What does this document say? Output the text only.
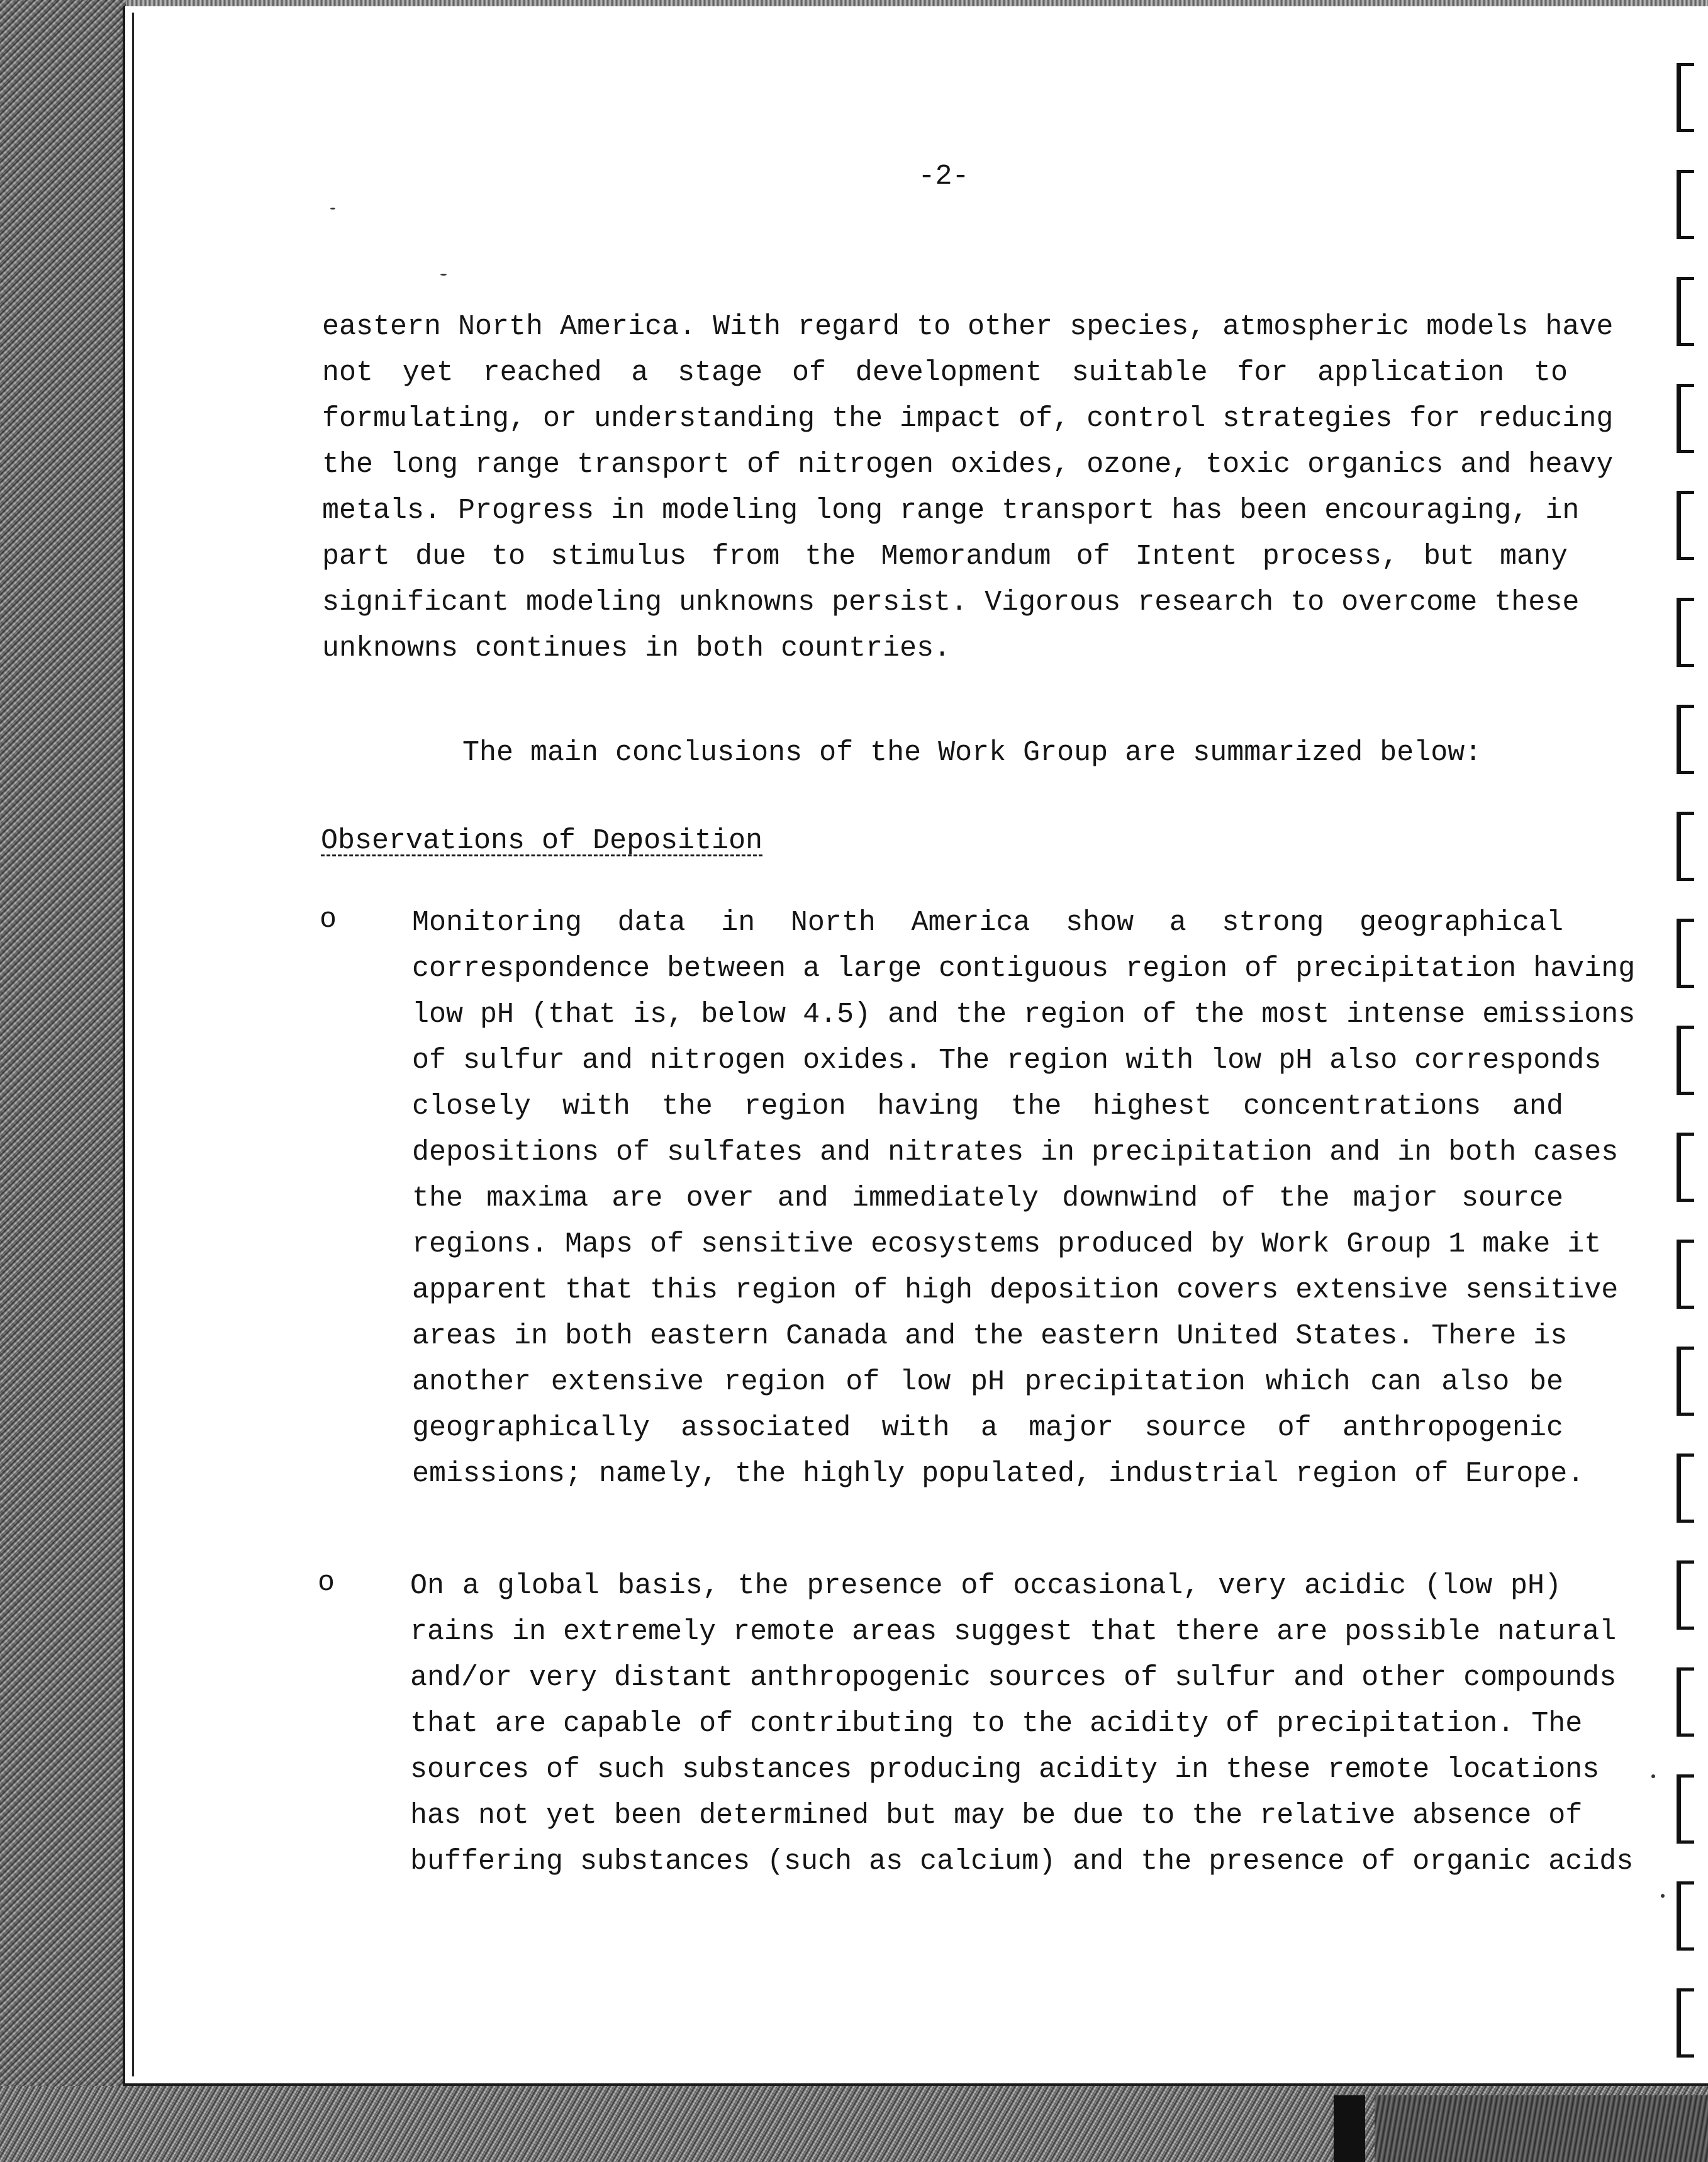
-2-
eastern North America. With regard to other species, atmospheric models have
not yet reached a stage of development suitable for application to
formulating, or understanding the impact of, control strategies for reducing
the long range transport of nitrogen oxides, ozone, toxic organics and heavy
metals. Progress in modeling long range transport has been encouraging, in
part due to stimulus from the Memorandum of Intent process, but many
significant modeling unknowns persist. Vigorous research to overcome these
unknowns continues in both countries.
The main conclusions of the Work Group are summarized below:
Observations of Deposition
o	Monitoring data in North America show a strong geographical
correspondence between a large contiguous region of precipitation having
low pH (that is, below 4.5) and the region of the most intense emissions
of sulfur and nitrogen oxides. The region with low pH also corresponds
closely with the region having the highest concentrations and
depositions of sulfates and nitrates in precipitation and in both cases
the maxima are over and immediately downwind of the major source
regions. Maps of sensitive ecosystems produced by Work Group 1 make it
apparent that this region of high deposition covers extensive sensitive
areas in both eastern Canada and the eastern United States. There is
another extensive region of low pH precipitation which can also be
geographically associated with a major source of anthropogenic
emissions; namely, the highly populated, industrial region of Europe.
o	On a global basis, the presence of occasional, very acidic (low pH)
rains in extremely remote areas suggest that there are possible natural
and/or very distant anthropogenic sources of sulfur and other compounds
that are capable of contributing to the acidity of precipitation. The
sources of such substances producing acidity in these remote locations
has not yet been determined but may be due to the relative absence of
buffering substances (such as calcium) and the presence of organic acids
